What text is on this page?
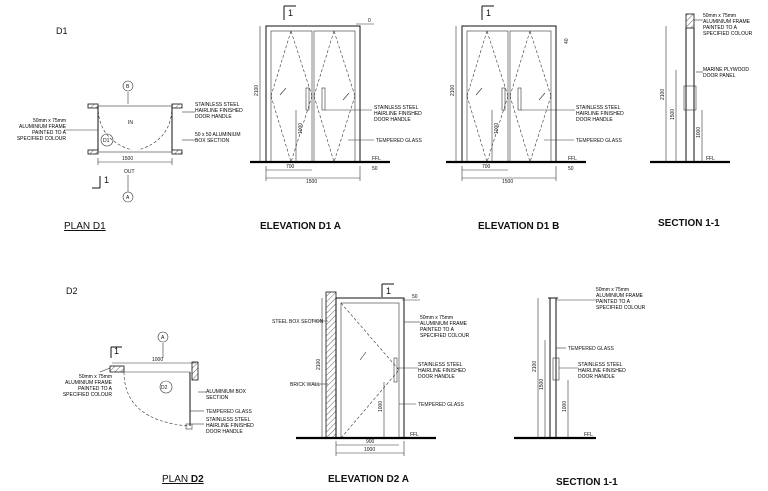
D1
B
IN
D1
1500
OUT
1
A
50mm x 75mm ALUMINIUM FRAME PAINTED TO A SPECIFIED COLOUR
STAINLESS STEEL HAIRLINE FINISHED DOOR HANDLE
50 x 50 ALUMINIUM BOX SECTION
PLAN D1
1
0
2100
1000
700
1500
50
FFL
STAINLESS STEEL HAIRLINE FINISHED DOOR HANDLE
TEMPERED GLASS
ELEVATION D1 A
1
40
2100
1000
700
1500
50
FFL
STAINLESS STEEL HAIRLINE FINISHED DOOR HANDLE
TEMPERED GLASS
ELEVATION D1 B
2100
1500
1000
FFL
50mm x 75mm ALUMINIUM FRAME PAINTED TO A SPECIFIED COLOUR
MARINE PLYWOOD DOOR PANEL
SECTION 1-1
D2
A
1
1000
D2
50mm x 75mm ALUMINIUM FRAME PAINTED TO A SPECIFIED COLOUR	ALUMINIUM BOX SECTION
TEMPERED GLASS
STAINLESS STEEL HAIRLINE FINISHED DOOR HANDLE
PLAN D2
1
50
2100
1000
900
1000
STEEL BOX SECTION
BRICK WALL
50mm x 75mm ALUMINIUM FRAME PAINTED TO A SPECIFIED COLOUR
STAINLESS STEEL HAIRLINE FINISHED DOOR HANDLE
TEMPERED GLASS
FFL
ELEVATION D2 A
2100
1500
1000
FFL
50mm x 75mm ALUMINIUM FRAME PAINTED TO A SPECIFIED COLOUR
TEMPERED GLASS
STAINLESS STEEL HAIRLINE FINISHED DOOR HANDLE
SECTION 1-1
